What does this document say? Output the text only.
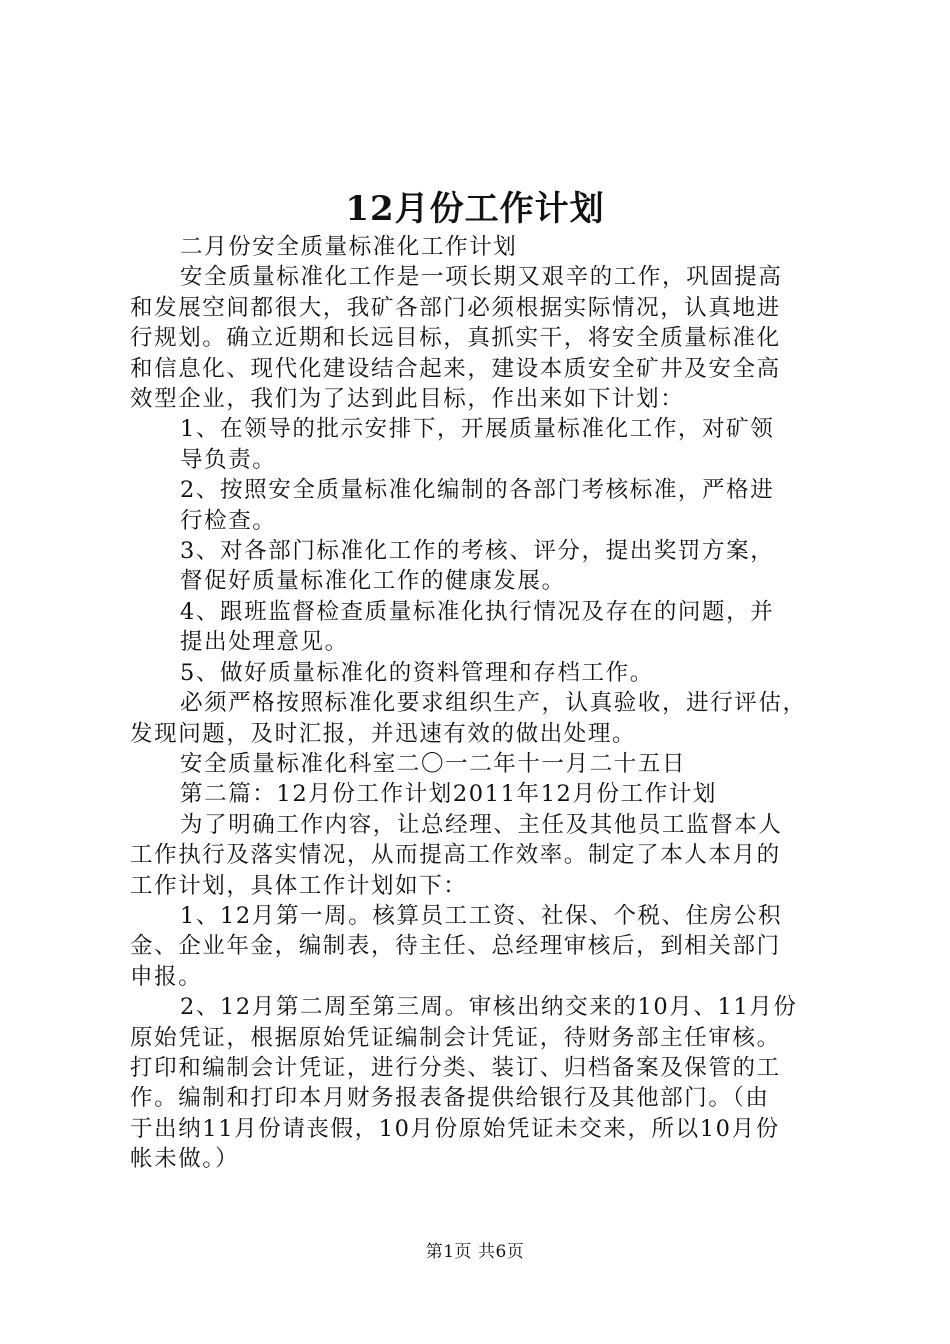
12月份工作计划
二月份安全质量标准化工作计划
安全质量标准化工作是一项长期又艰辛的工作，巩固提高
和发展空间都很大，我矿各部门必须根据实际情况，认真地进
行规划。确立近期和长远目标，真抓实干，将安全质量标准化
和信息化、现代化建设结合起来，建设本质安全矿井及安全高
效型企业，我们为了达到此目标，作出来如下计划：
1、在领导的批示安排下，开展质量标准化工作，对矿领
导负责。
2、按照安全质量标准化编制的各部门考核标准，严格进
行检查。
3、对各部门标准化工作的考核、评分，提出奖罚方案，
督促好质量标准化工作的健康发展。
4、跟班监督检查质量标准化执行情况及存在的问题，并
提出处理意见。
5、做好质量标准化的资料管理和存档工作。
必须严格按照标准化要求组织生产，认真验收，进行评估，
发现问题，及时汇报，并迅速有效的做出处理。
安全质量标准化科室二〇一二年十一月二十五日
第二篇：12月份工作计划2011年12月份工作计划
为了明确工作内容，让总经理、主任及其他员工监督本人
工作执行及落实情况，从而提高工作效率。制定了本人本月的
工作计划，具体工作计划如下：
1、12月第一周。核算员工工资、社保、个税、住房公积
金、企业年金，编制表，待主任、总经理审核后，到相关部门
申报。
2、12月第二周至第三周。审核出纳交来的10月、11月份
原始凭证，根据原始凭证编制会计凭证，待财务部主任审核。
打印和编制会计凭证，进行分类、装订、归档备案及保管的工
作。编制和打印本月财务报表备提供给银行及其他部门。（由
于出纳11月份请丧假，10月份原始凭证未交来，所以10月份
帐未做。）
第1页 共6页
